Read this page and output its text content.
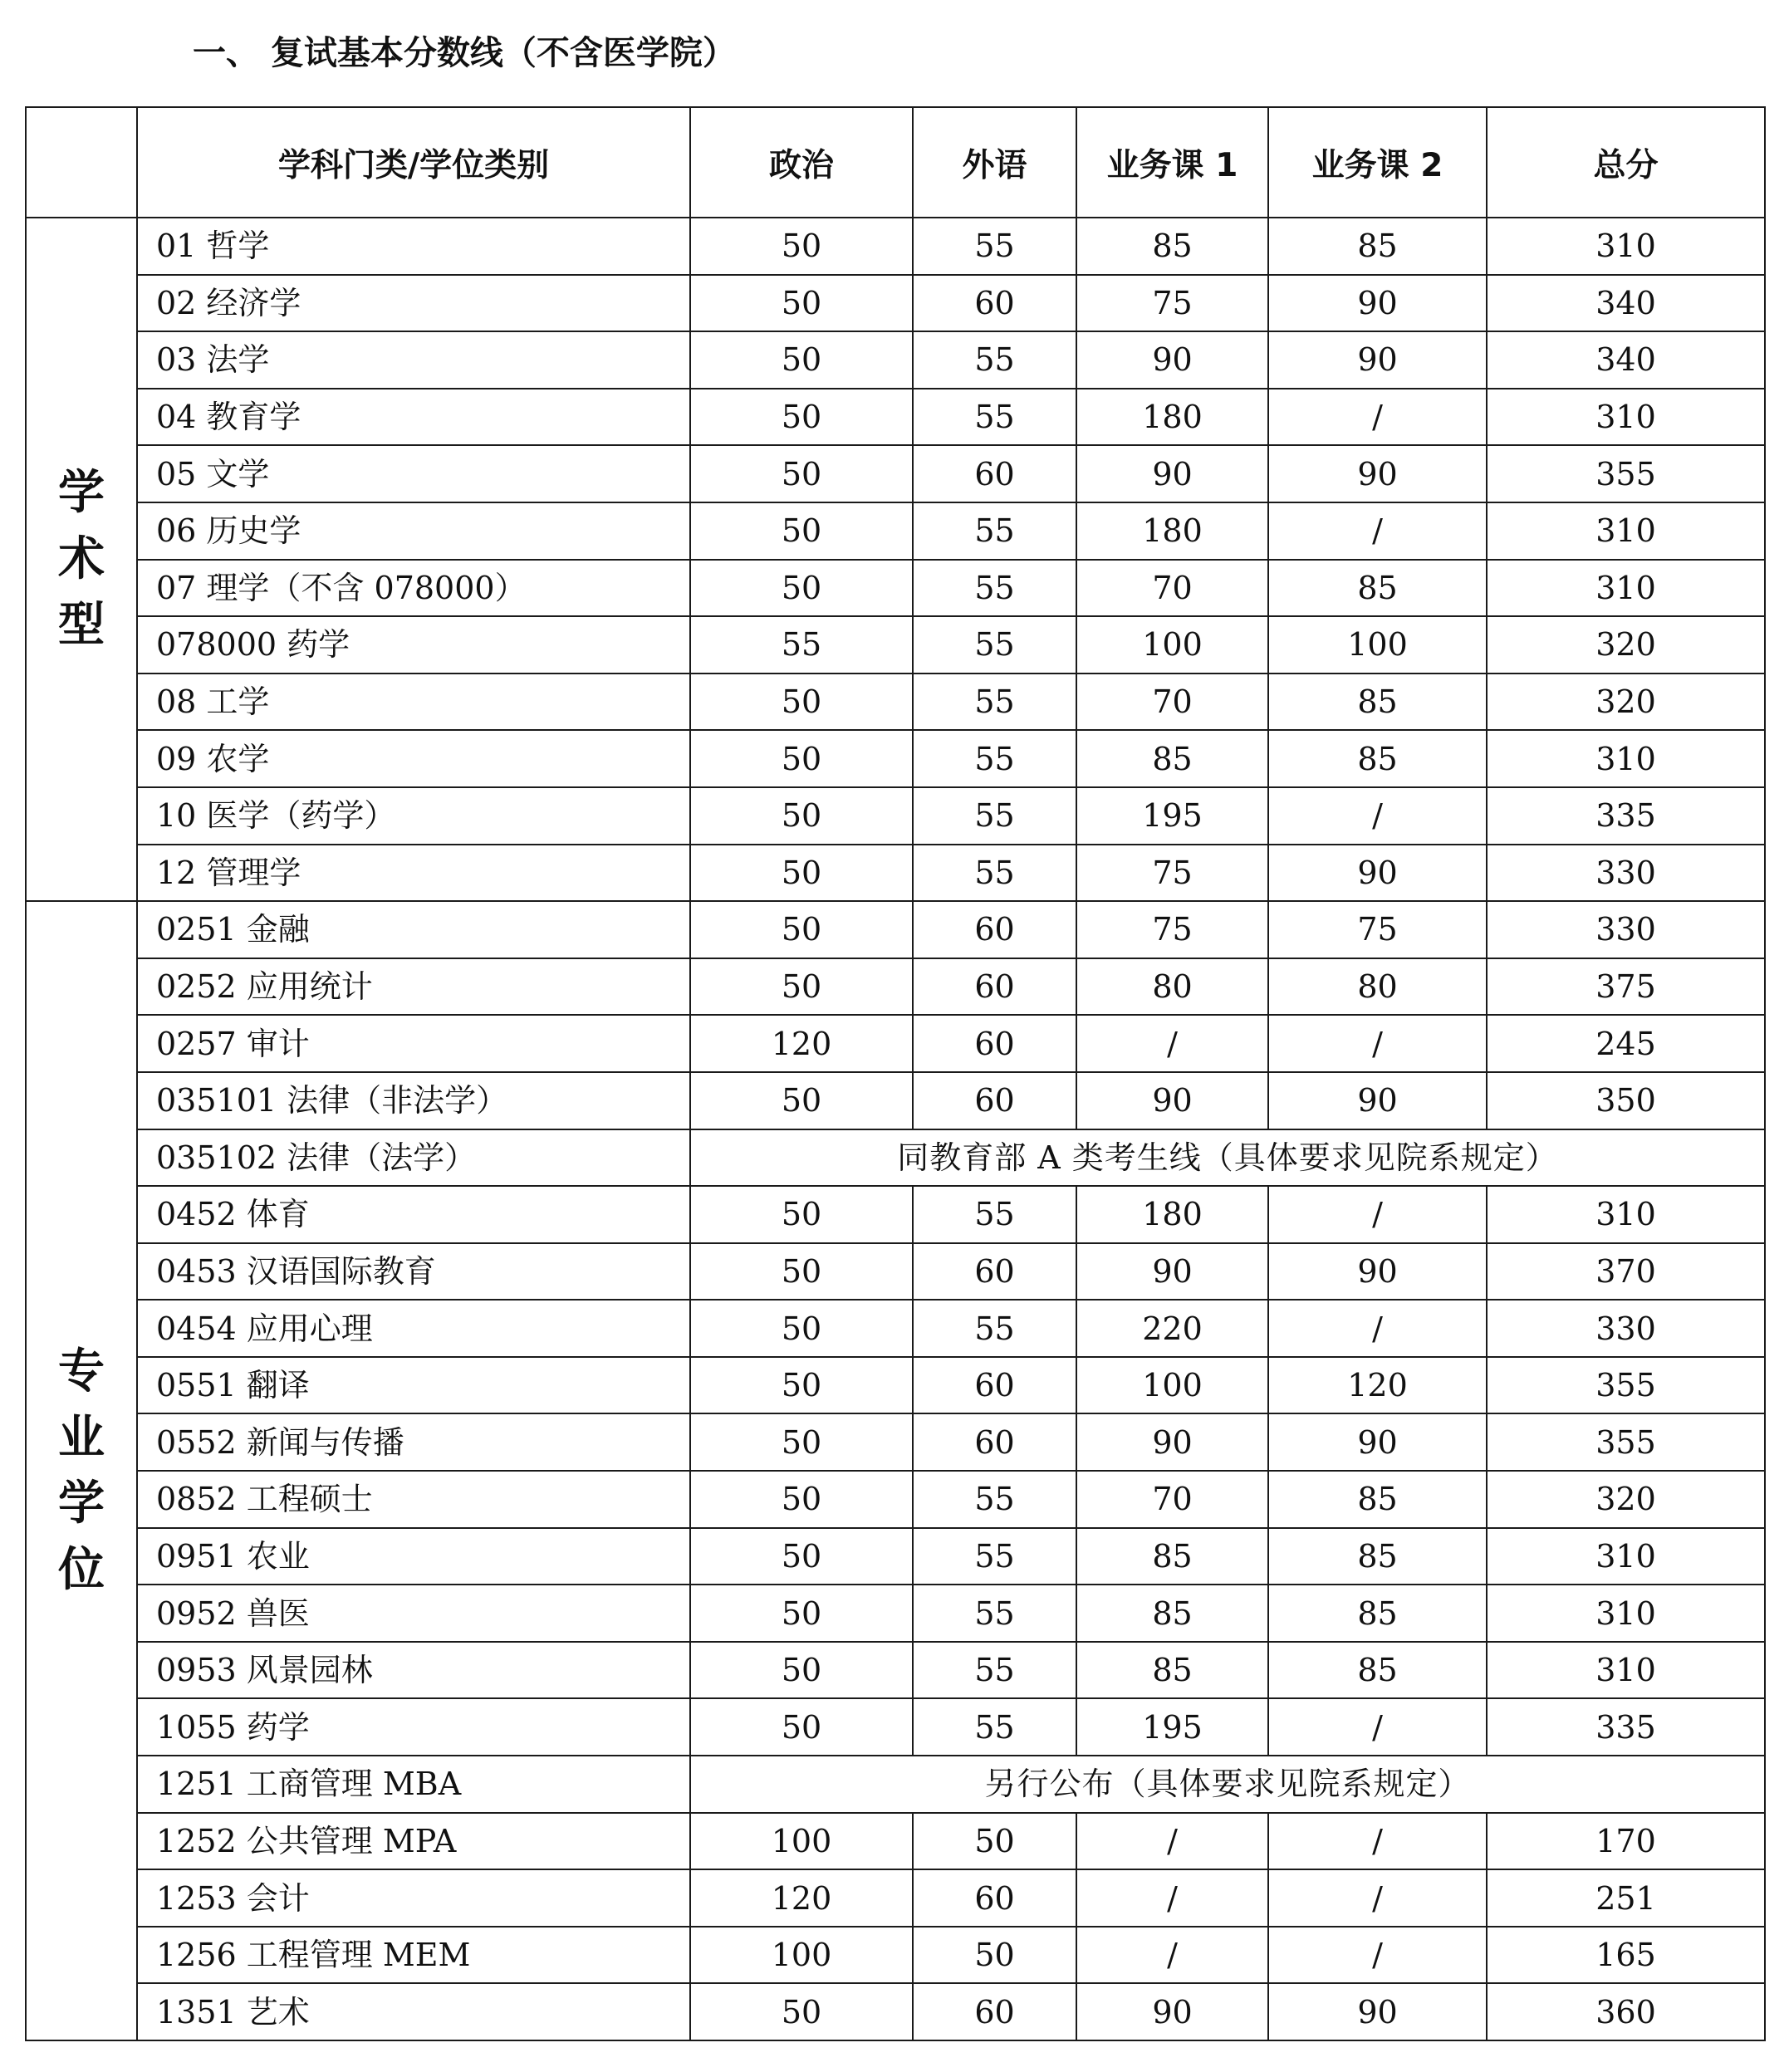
一、 复试基本分数线（不含医学院）
	学科门类/学位类别	政治	外语	业务课 1	业务课 2	总分
学术型	01 哲学	50	55	85	85	310
	02 经济学	50	60	75	90	340
	03 法学	50	55	90	90	340
	04 教育学	50	55	180	/	310
	05 文学	50	60	90	90	355
	06 历史学	50	55	180	/	310
	07 理学（不含 078000）	50	55	70	85	310
	078000 药学	55	55	100	100	320
	08 工学	50	55	70	85	320
	09 农学	50	55	85	85	310
	10 医学（药学）	50	55	195	/	335
	12 管理学	50	55	75	90	330
专业学位	0251 金融	50	60	75	75	330
	0252 应用统计	50	60	80	80	375
	0257 审计	120	60	/	/	245
	035101 法律（非法学）	50	60	90	90	350
	035102 法律（法学）	同教育部 A 类考生线（具体要求见院系规定）				
	0452 体育	50	55	180	/	310
	0453 汉语国际教育	50	60	90	90	370
	0454 应用心理	50	55	220	/	330
	0551 翻译	50	60	100	120	355
	0552 新闻与传播	50	60	90	90	355
	0852 工程硕士	50	55	70	85	320
	0951 农业	50	55	85	85	310
	0952 兽医	50	55	85	85	310
	0953 风景园林	50	55	85	85	310
	1055 药学	50	55	195	/	335
	1251 工商管理 MBA	另行公布（具体要求见院系规定）				
	1252 公共管理 MPA	100	50	/	/	170
	1253 会计	120	60	/	/	251
	1256 工程管理 MEM	100	50	/	/	165
	1351 艺术	50	60	90	90	360
